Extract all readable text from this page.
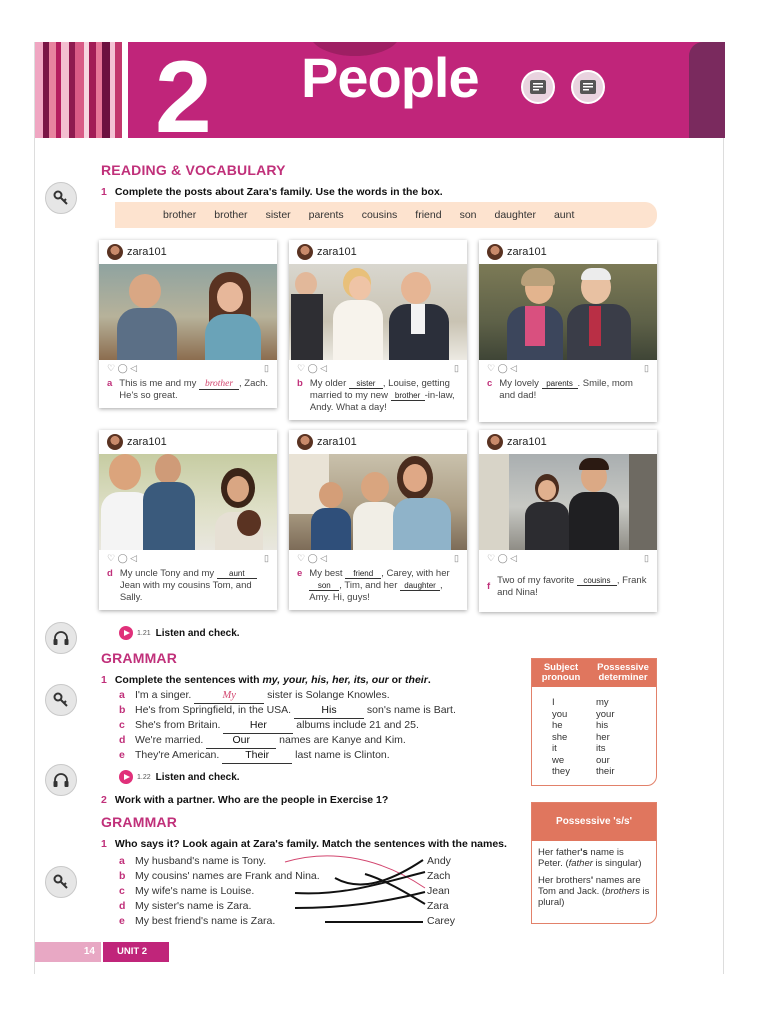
2 People
READING & VOCABULARY
1 Complete the posts about Zara's family. Use the words in the box.
brother brother sister parents cousins friend son daughter aunt
zara101
♡ ◯ ◁	▯
a This is me and my brother , Zach. He's so great.
zara101
♡ ◯ ◁	▯
b My older sister , Louise, getting married to my new brother -in-law, Andy. What a day!
zara101
♡ ◯ ◁	▯
c My lovely parents . Smile, mom and dad!
zara101
♡ ◯ ◁	▯
d My uncle Tony and my aunt Jean with my cousins Tom, and Sally.
zara101
♡ ◯ ◁	▯
e My best friend , Carey, with her son , Tim, and her daughter , Amy. Hi, guys!
zara101
♡ ◯ ◁	▯
f
Two of my favorite cousins , Frank and Nina!
1.21 Listen and check.
GRAMMAR
1 Complete the sentences with my, your, his, her, its, our or their.
a I'm a singer.	My	sister is Solange Knowles.
b He's from Springfield, in the USA.	His	son's name is Bart.
c She's from Britain.	Her	albums include 21 and 25.
d We're married. Our	names are Kanye and Kim.
e They're American. Their last name is Clinton.
1.22 Listen and check.
2 Work with a partner. Who are the people in Exercise 1?
Subject pronoun
Possessive determiner
I	my
you	your
he	his
she	her
it	its
we	our
they	their
GRAMMAR
1 Who says it? Look again at Zara's family. Match the sentences with the names.
a My husband's name is Tony.
b My cousins' names are Frank and Nina.
c My wife's name is Louise.
d My sister's name is Zara.
e My best friend's name is Zara.
Andy
Zach
Jean
Zara
Carey
Possessive 's/s'
Her father's name is Peter. (father is singular)
Her brothers' names are Tom and Jack. (brothers is plural)
14	UNIT 2
